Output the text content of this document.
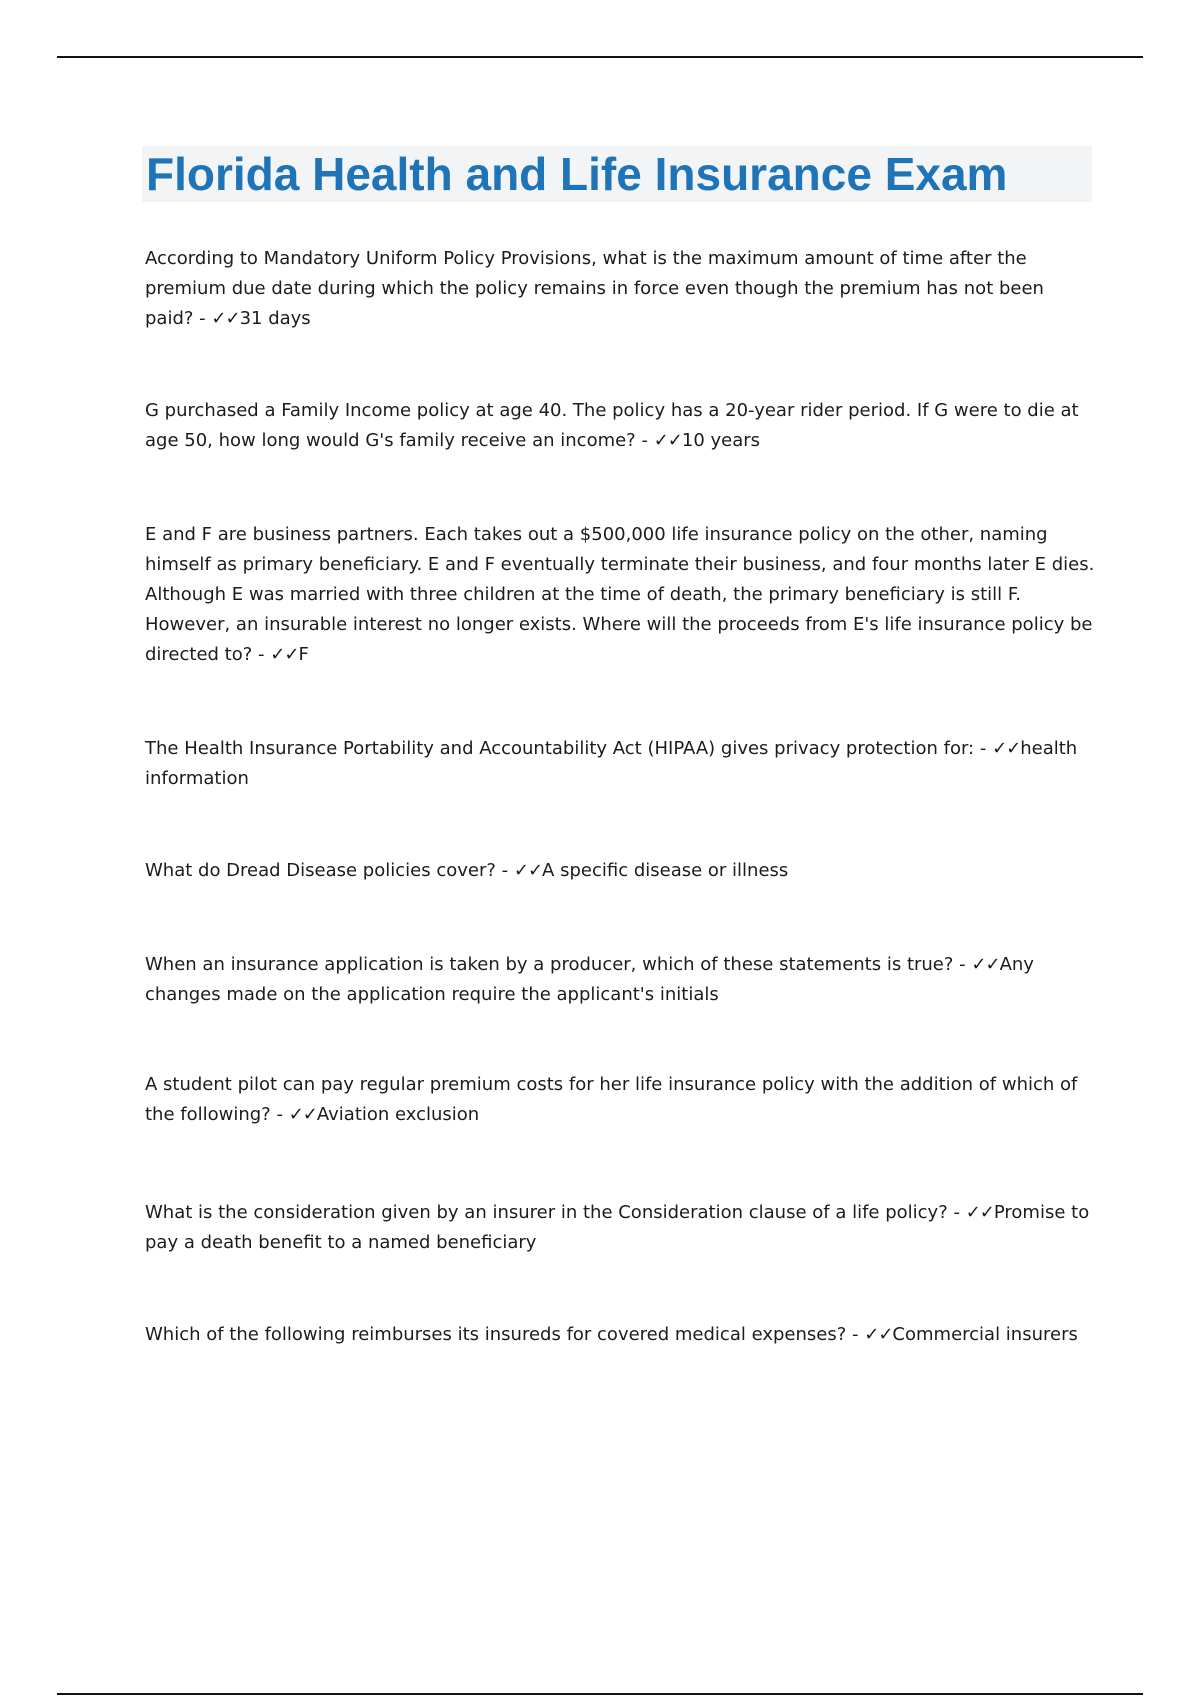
Florida Health and Life Insurance Exam

According to Mandatory Uniform Policy Provisions, what is the maximum amount of time after the premium due date during which the policy remains in force even though the premium has not been paid? - ✓✓31 days

G purchased a Family Income policy at age 40. The policy has a 20-year rider period. If G were to die at age 50, how long would G's family receive an income? - ✓✓10 years

E and F are business partners. Each takes out a $500,000 life insurance policy on the other, naming himself as primary beneficiary. E and F eventually terminate their business, and four months later E dies. Although E was married with three children at the time of death, the primary beneficiary is still F. However, an insurable interest no longer exists. Where will the proceeds from E's life insurance policy be directed to? - ✓✓F

The Health Insurance Portability and Accountability Act (HIPAA) gives privacy protection for: - ✓✓health information

What do Dread Disease policies cover? - ✓✓A specific disease or illness

When an insurance application is taken by a producer, which of these statements is true? - ✓✓Any changes made on the application require the applicant's initials

A student pilot can pay regular premium costs for her life insurance policy with the addition of which of the following? - ✓✓Aviation exclusion

What is the consideration given by an insurer in the Consideration clause of a life policy? - ✓✓Promise to pay a death benefit to a named beneficiary

Which of the following reimburses its insureds for covered medical expenses? - ✓✓Commercial insurers
